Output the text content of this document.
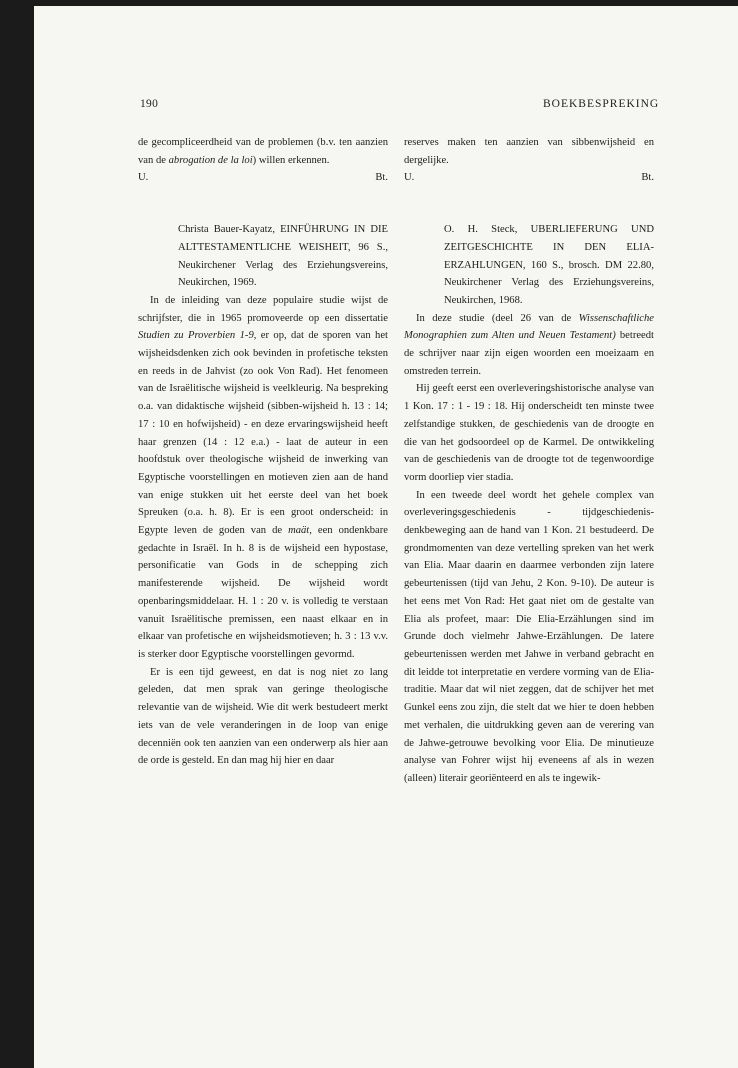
190	BOEKBESPREKING

de gecompliceerdheid van de problemen (b.v. ten aanzien van de abrogation de la loi) willen erkennen.

U.	Bt.

Christa Bauer-Kayatz, EINFÜHRUNG IN DIE ALTTESTAMENTLICHE WEISHEIT, 96 S., Neukirchener Verlag des Erziehungsvereins, Neukirchen, 1969.

In de inleiding van deze populaire studie wijst de schrijfster, die in 1965 promoveerde op een dissertatie Studien zu Proverbien 1-9, er op, dat de sporen van het wijsheidsdenken zich ook bevinden in profetische teksten en reeds in de Jahvist (zo ook Von Rad). Het fenomeen van de Israëlitische wijsheid is veelkleurig. Na bespreking o.a. van didaktische wijsheid (sibben-wijsheid h. 13 : 14; 17 : 10 en hofwijsheid) - en deze ervaringswijsheid heeft haar grenzen (14 : 12 e.a.) - laat de auteur in een hoofdstuk over theologische wijsheid de inwerking van Egyptische voorstellingen en motieven zien aan de hand van enige stukken uit het eerste deel van het boek Spreuken (o.a. h. 8). Er is een groot onderscheid: in Egypte leven de goden van de maät, een ondenkbare gedachte in Israël. In h. 8 is de wijsheid een hypostase, personificatie van Gods in de schepping zich manifesterende wijsheid. De wijsheid wordt openbaringsmiddelaar. H. 1 : 20 v. is volledig te verstaan vanuit Israëlitische premissen, een naast elkaar en in elkaar van profetische en wijsheidsmotieven; h. 3 : 13 v.v. is sterker door Egyptische voorstellingen gevormd.

Er is een tijd geweest, en dat is nog niet zo lang geleden, dat men sprak van geringe theologische relevantie van de wijsheid. Wie dit werk bestudeert merkt iets van de vele veranderingen in de loop van enige decenniën ook ten aanzien van een onderwerp als hier aan de orde is gesteld. En dan mag hij hier en daar

reserves maken ten aanzien van sibbenwijsheid en dergelijke.

U.	Bt.

O. H. Steck, UBERLIEFERUNG UND ZEITGESCHICHTE IN DEN ELIA-ERZAHLUNGEN, 160 S., brosch. DM 22.80, Neukirchener Verlag des Erziehungsvereins, Neukirchen, 1968.

In deze studie (deel 26 van de Wissenschaftliche Monographien zum Alten und Neuen Testament) betreedt de schrijver naar zijn eigen woorden een moeizaam en omstreden terrein.

Hij geeft eerst een overleveringshistorische analyse van 1 Kon. 17 : 1 - 19 : 18. Hij onderscheidt ten minste twee zelfstandige stukken, de geschiedenis van de droogte en die van het godsoordeel op de Karmel. De ontwikkeling van de geschiedenis van de droogte tot de tegenwoordige vorm doorliep vier stadia.

In een tweede deel wordt het gehele complex van overleveringsgeschiedenis - tijdgeschiedenis-denkbeweging aan de hand van 1 Kon. 21 bestudeerd. De grondmomenten van deze vertelling spreken van het werk van Elia. Maar daarin en daarmee verbonden zijn latere gebeurtenissen (tijd van Jehu, 2 Kon. 9-10). De auteur is het eens met Von Rad: Het gaat niet om de gestalte van Elia als profeet, maar: Die Elia-Erzählungen sind im Grunde doch vielmehr Jahwe-Erzählungen. De latere gebeurtenissen werden met Jahwe in verband gebracht en dit leidde tot interpretatie en verdere vorming van de Elia-traditie. Maar dat wil niet zeggen, dat de schijver het met Gunkel eens zou zijn, die stelt dat we hier te doen hebben met verhalen, die uitdrukking geven aan de verering van de Jahwe-getrouwe bevolking voor Elia. De minutieuze analyse van Fohrer wijst hij eveneens af als in wezen (alleen) literair georiënteerd en als te ingewik-
